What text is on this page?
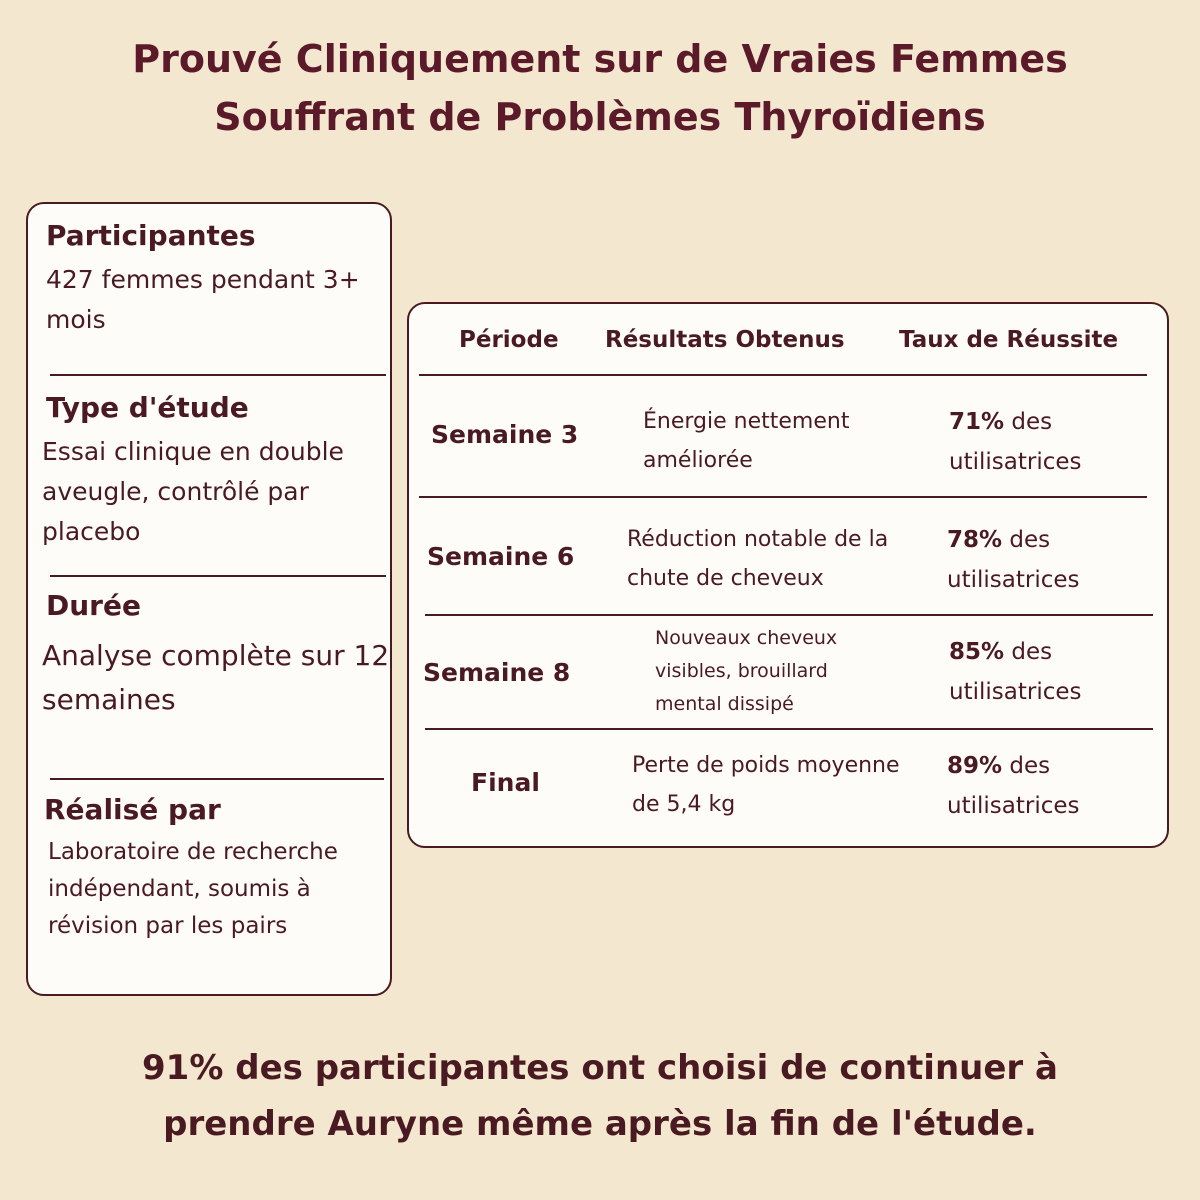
Prouvé Cliniquement sur de Vraies Femmes
Souffrant de Problèmes Thyroïdiens
Participantes
427 femmes pendant 3+ mois
Type d'étude
Essai clinique en double aveugle, contrôlé par placebo
Durée
Analyse complète sur 12 semaines
Réalisé par
Laboratoire de recherche indépendant, soumis à révision par les pairs
Période Résultats Obtenus Taux de Réussite
Semaine 3	Énergie nettement améliorée
71% des utilisatrices
Semaine 6
Réduction notable de la chute de cheveux
78% des utilisatrices
Semaine 8
Nouveaux cheveux visibles, brouillard mental dissipé
85% des utilisatrices
Final
Perte de poids moyenne de 5,4 kg
89% des utilisatrices
91% des participantes ont choisi de continuer à
prendre Auryne même après la fin de l'étude.
